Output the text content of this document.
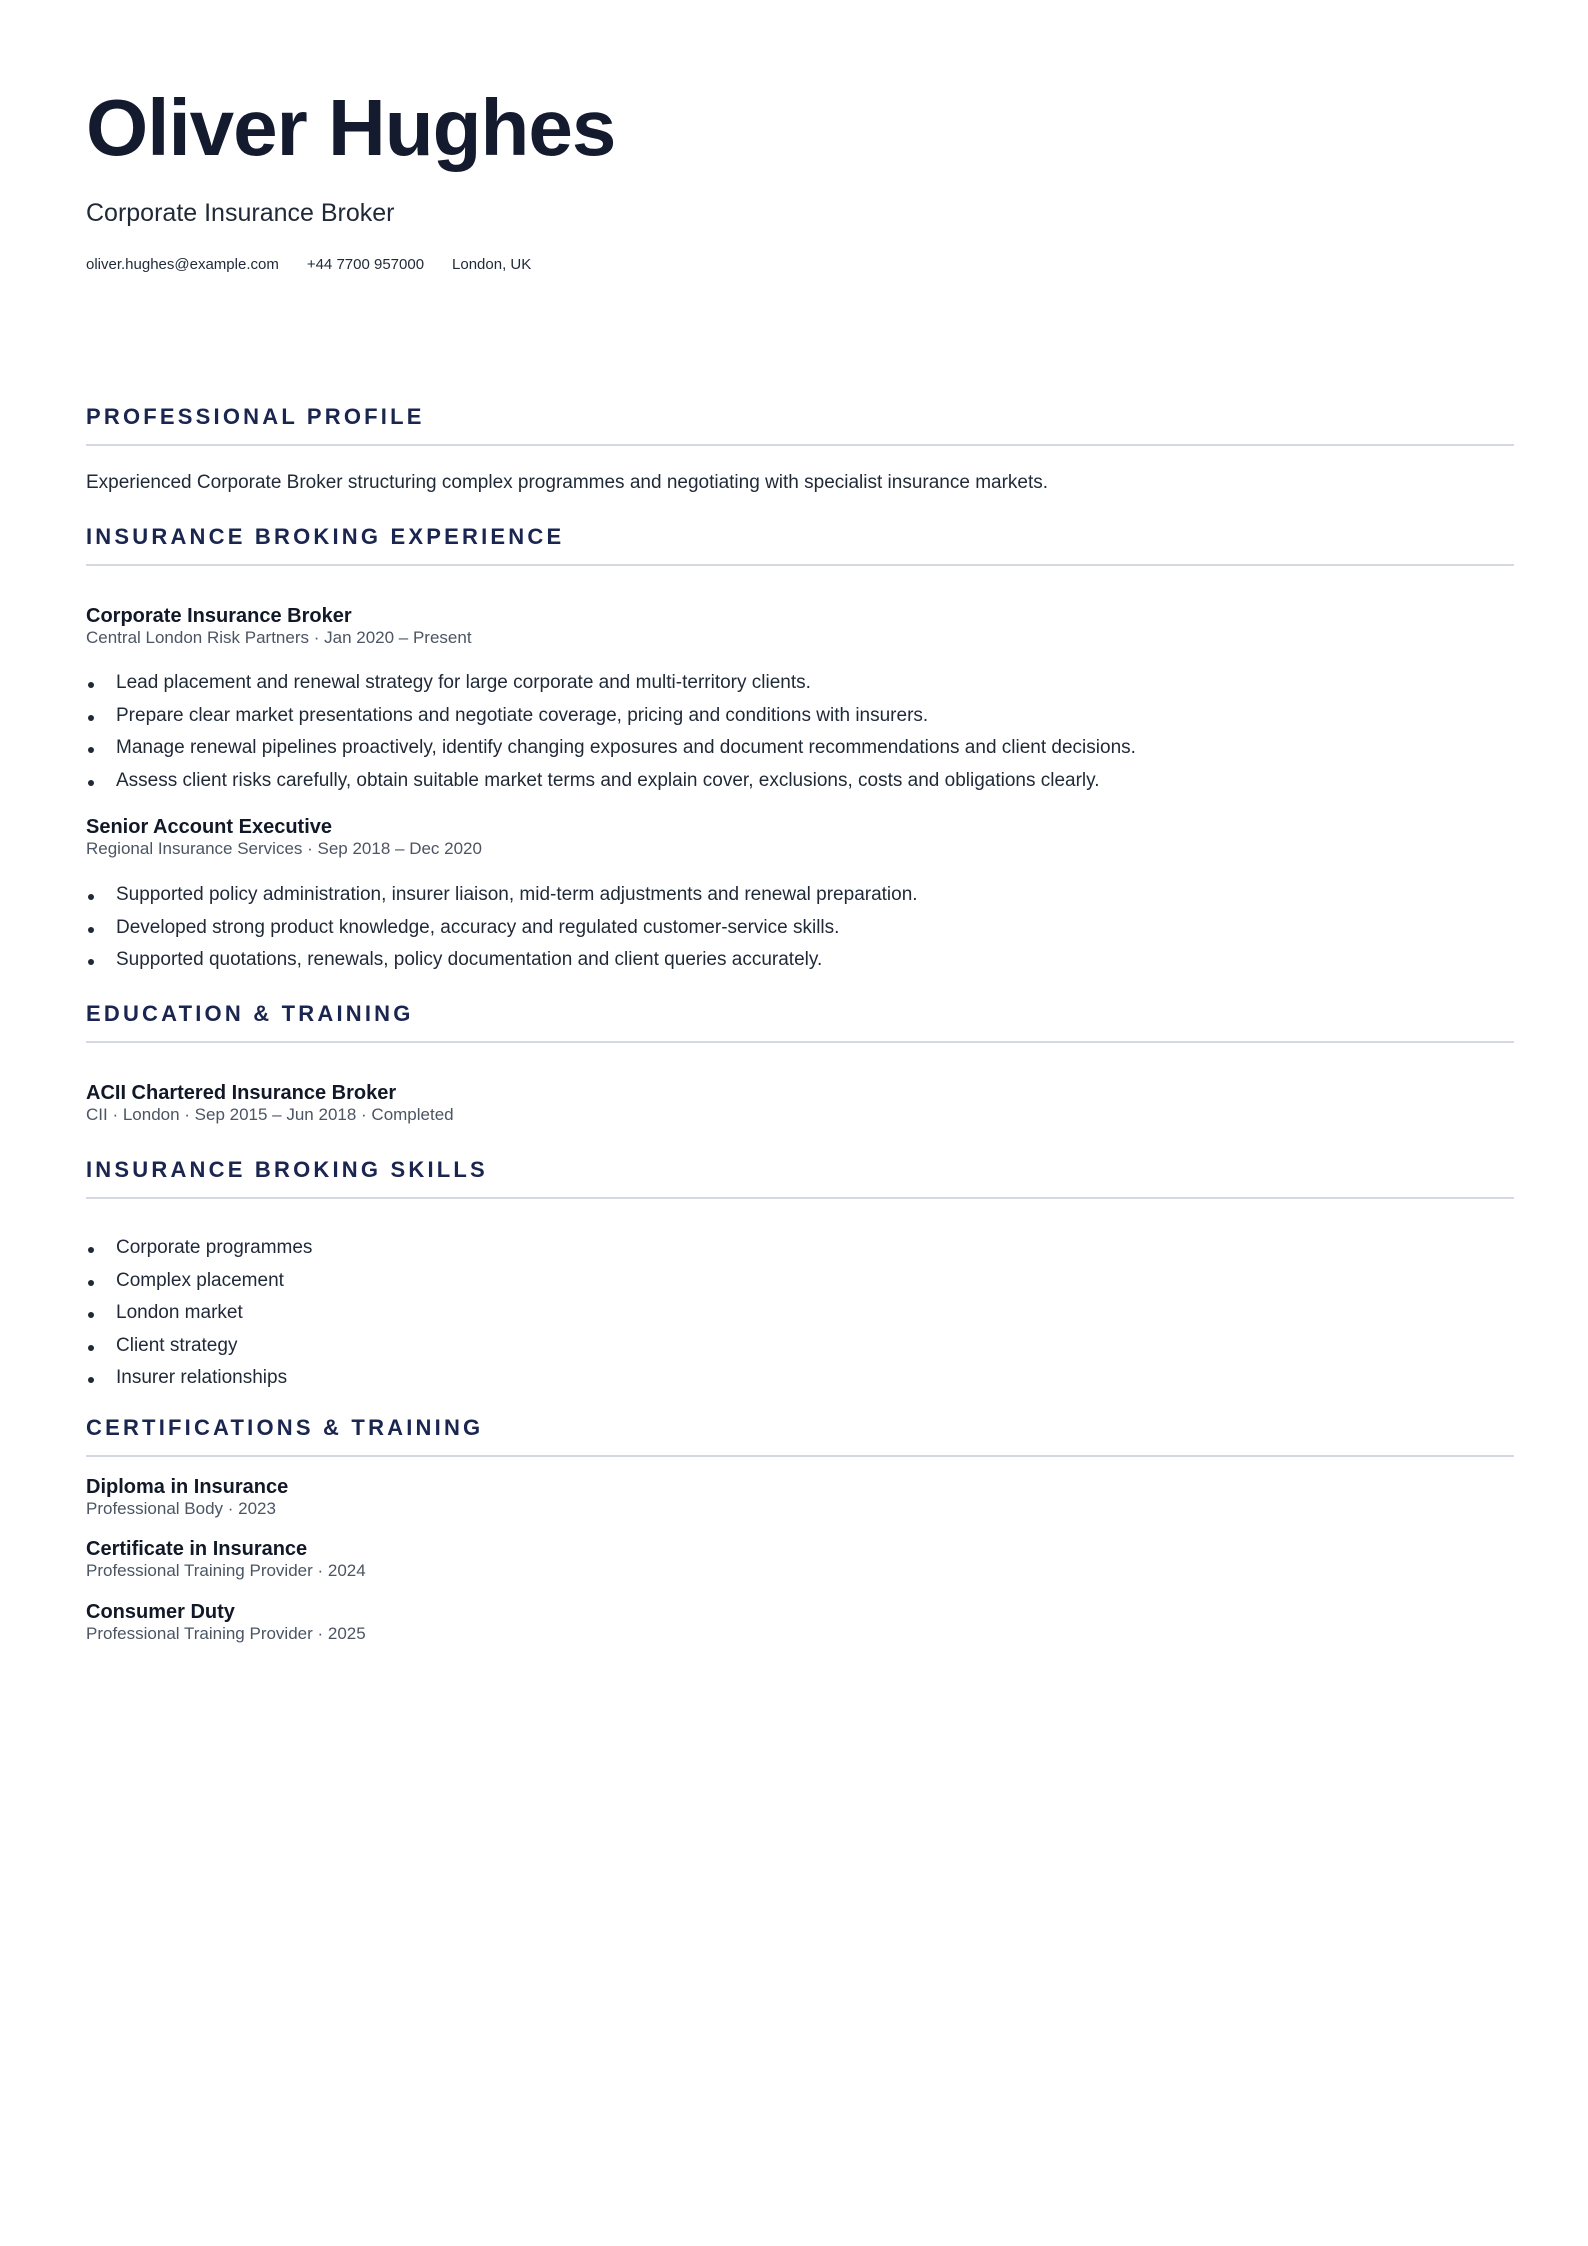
Oliver Hughes
Corporate Insurance Broker
oliver.hughes@example.com +44 7700 957000 London, UK
PROFESSIONAL PROFILE
Experienced Corporate Broker structuring complex programmes and negotiating with specialist insurance markets.
INSURANCE BROKING EXPERIENCE
Corporate Insurance Broker
Central London Risk Partners · Jan 2020 – Present
Lead placement and renewal strategy for large corporate and multi-territory clients.
Prepare clear market presentations and negotiate coverage, pricing and conditions with insurers.
Manage renewal pipelines proactively, identify changing exposures and document recommendations and client decisions.
Assess client risks carefully, obtain suitable market terms and explain cover, exclusions, costs and obligations clearly.
Senior Account Executive
Regional Insurance Services · Sep 2018 – Dec 2020
Supported policy administration, insurer liaison, mid-term adjustments and renewal preparation.
Developed strong product knowledge, accuracy and regulated customer-service skills.
Supported quotations, renewals, policy documentation and client queries accurately.
EDUCATION & TRAINING
ACII Chartered Insurance Broker
CII · London · Sep 2015 – Jun 2018 · Completed
INSURANCE BROKING SKILLS
Corporate programmes
Complex placement
London market
Client strategy
Insurer relationships
CERTIFICATIONS & TRAINING
Diploma in Insurance
Professional Body · 2023
Certificate in Insurance
Professional Training Provider · 2024
Consumer Duty
Professional Training Provider · 2025
